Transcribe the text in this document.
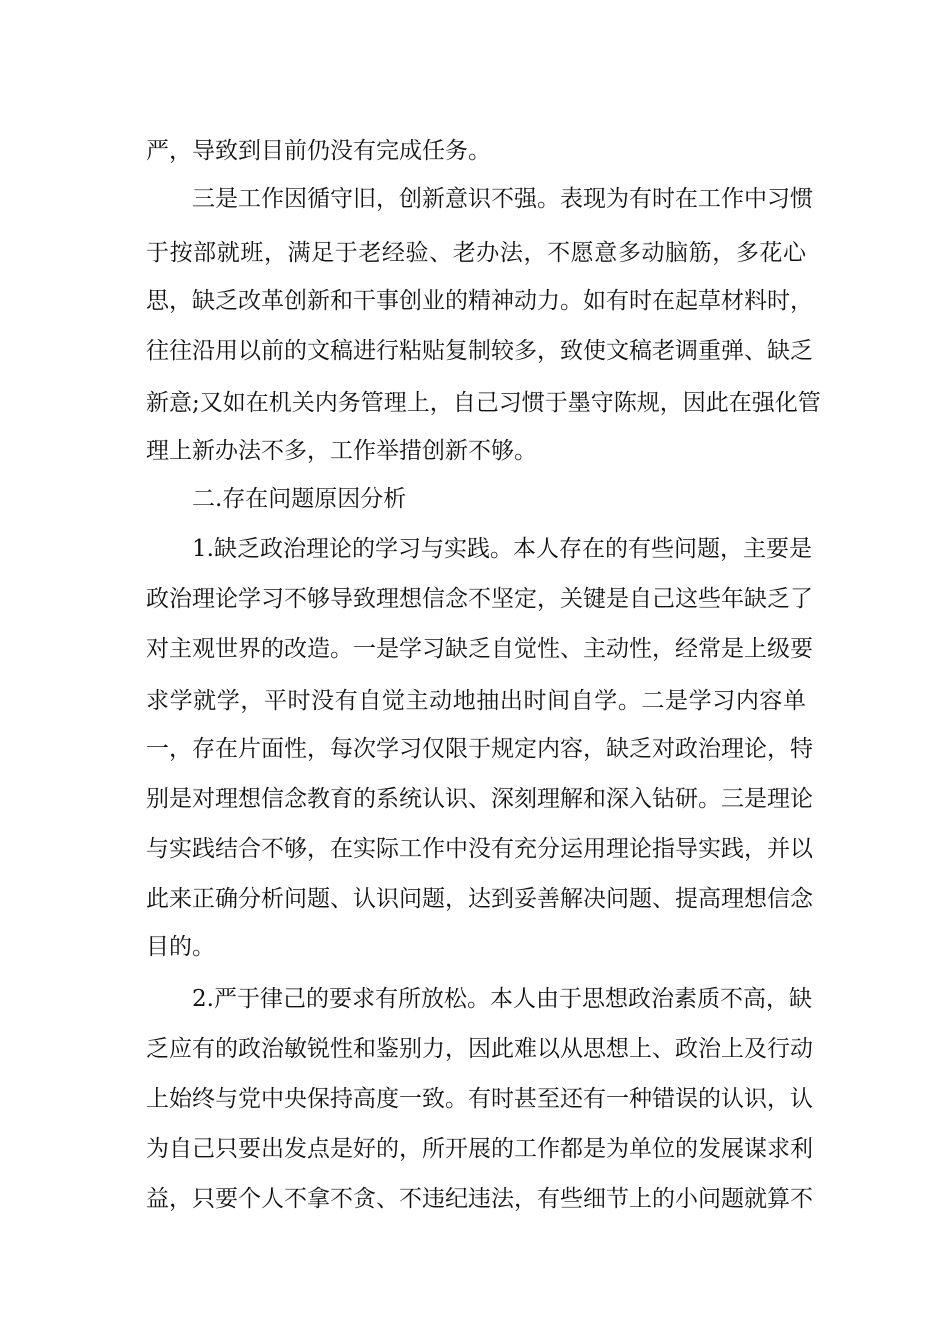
严，导致到目前仍没有完成任务。
三是工作因循守旧，创新意识不强。表现为有时在工作中习惯
于按部就班，满足于老经验、老办法，不愿意多动脑筋，多花心
思，缺乏改革创新和干事创业的精神动力。如有时在起草材料时，
往往沿用以前的文稿进行粘贴复制较多，致使文稿老调重弹、缺乏
新意;又如在机关内务管理上，自己习惯于墨守陈规，因此在强化管
理上新办法不多，工作举措创新不够。
二.存在问题原因分析
1.缺乏政治理论的学习与实践。本人存在的有些问题，主要是
政治理论学习不够导致理想信念不坚定，关键是自己这些年缺乏了
对主观世界的改造。一是学习缺乏自觉性、主动性，经常是上级要
求学就学，平时没有自觉主动地抽出时间自学。二是学习内容单
一，存在片面性，每次学习仅限于规定内容，缺乏对政治理论，特
别是对理想信念教育的系统认识、深刻理解和深入钻研。三是理论
与实践结合不够，在实际工作中没有充分运用理论指导实践，并以
此来正确分析问题、认识问题，达到妥善解决问题、提高理想信念
目的。
2.严于律己的要求有所放松。本人由于思想政治素质不高，缺
乏应有的政治敏锐性和鉴别力，因此难以从思想上、政治上及行动
上始终与党中央保持高度一致。有时甚至还有一种错误的认识，认
为自己只要出发点是好的，所开展的工作都是为单位的发展谋求利
益，只要个人不拿不贪、不违纪违法，有些细节上的小问题就算不
